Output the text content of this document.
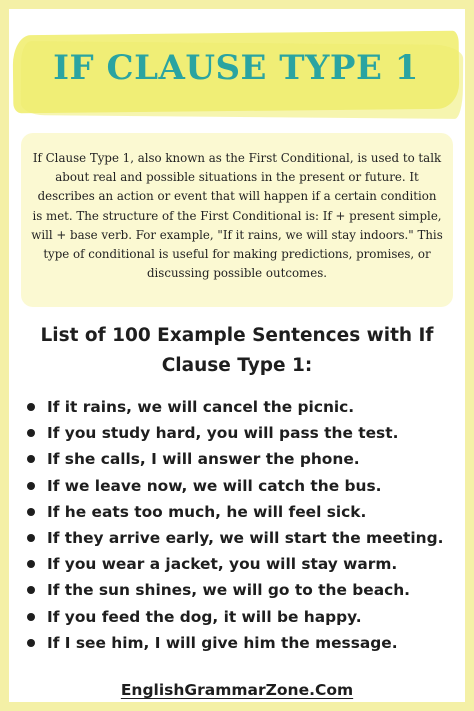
IF CLAUSE TYPE 1
If Clause Type 1, also known as the First Conditional, is used to talk about real and possible situations in the present or future. It describes an action or event that will happen if a certain condition is met. The structure of the First Conditional is: If + present simple, will + base verb. For example, "If it rains, we will stay indoors." This type of conditional is useful for making predictions, promises, or discussing possible outcomes.
List of 100 Example Sentences with If
Clause Type 1:
If it rains, we will cancel the picnic.
If you study hard, you will pass the test.
If she calls, I will answer the phone.
If we leave now, we will catch the bus.
If he eats too much, he will feel sick.
If they arrive early, we will start the meeting.
If you wear a jacket, you will stay warm.
If the sun shines, we will go to the beach.
If you feed the dog, it will be happy.
If I see him, I will give him the message.
EnglishGrammarZone.Com
